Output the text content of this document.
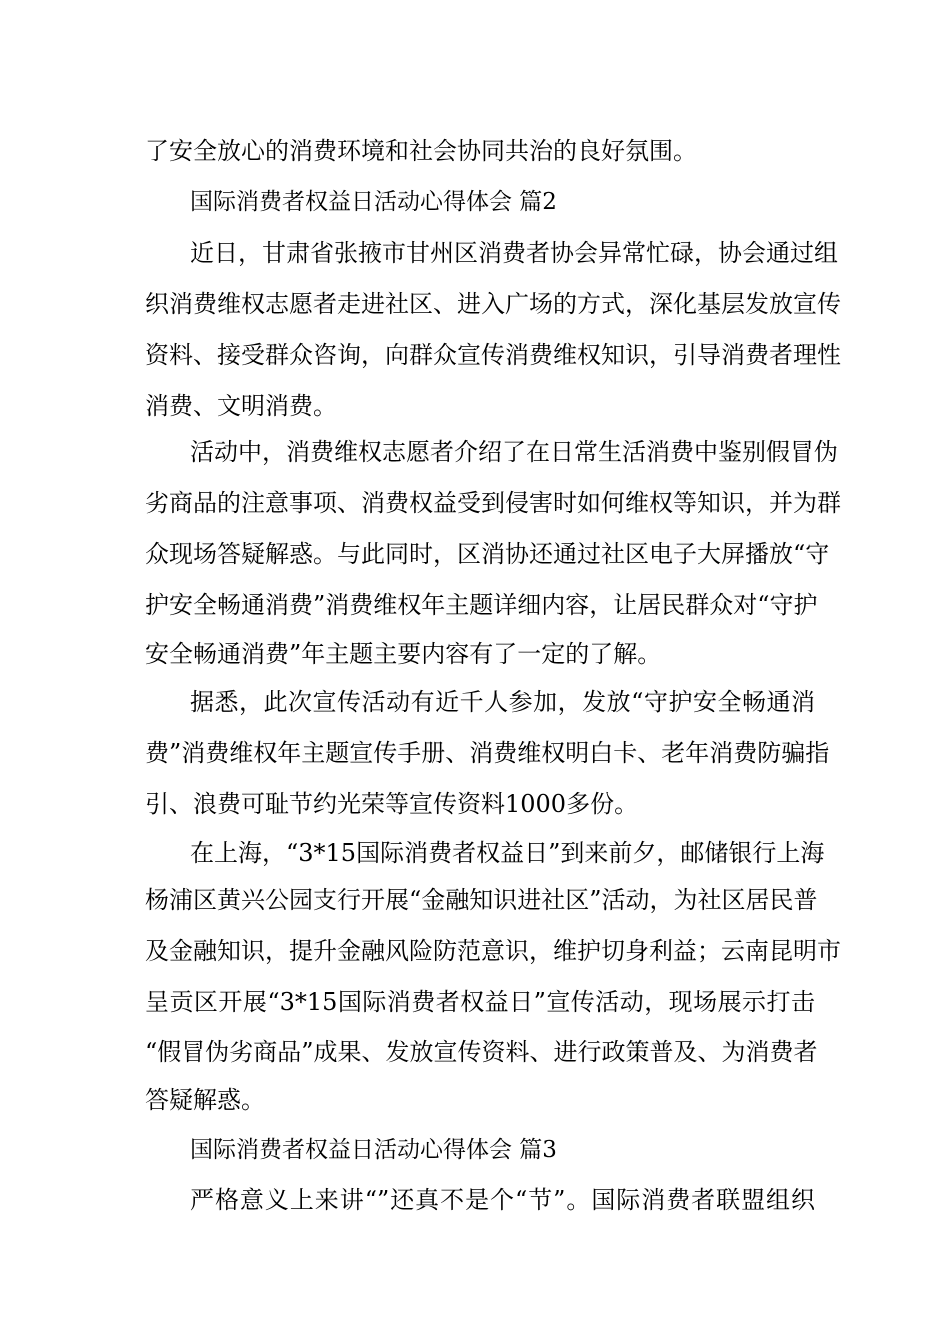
了安全放心的消费环境和社会协同共治的良好氛围。
国际消费者权益日活动心得体会 篇2
近日，甘肃省张掖市甘州区消费者协会异常忙碌，协会通过组
织消费维权志愿者走进社区、进入广场的方式，深化基层发放宣传
资料、接受群众咨询，向群众宣传消费维权知识，引导消费者理性
消费、文明消费。
活动中，消费维权志愿者介绍了在日常生活消费中鉴别假冒伪
劣商品的注意事项、消费权益受到侵害时如何维权等知识，并为群
众现场答疑解惑。与此同时，区消协还通过社区电子大屏播放“守
护安全畅通消费”消费维权年主题详细内容，让居民群众对“守护
安全畅通消费”年主题主要内容有了一定的了解。
据悉，此次宣传活动有近千人参加，发放“守护安全畅通消
费”消费维权年主题宣传手册、消费维权明白卡、老年消费防骗指
引、浪费可耻节约光荣等宣传资料1000多份。
在上海，“3*15国际消费者权益日”到来前夕，邮储银行上海
杨浦区黄兴公园支行开展“金融知识进社区”活动，为社区居民普
及金融知识，提升金融风险防范意识，维护切身利益；云南昆明市
呈贡区开展“3*15国际消费者权益日”宣传活动，现场展示打击
“假冒伪劣商品”成果、发放宣传资料、进行政策普及、为消费者
答疑解惑。
国际消费者权益日活动心得体会 篇3
严格意义上来讲“”还真不是个“节”。国际消费者联盟组织
